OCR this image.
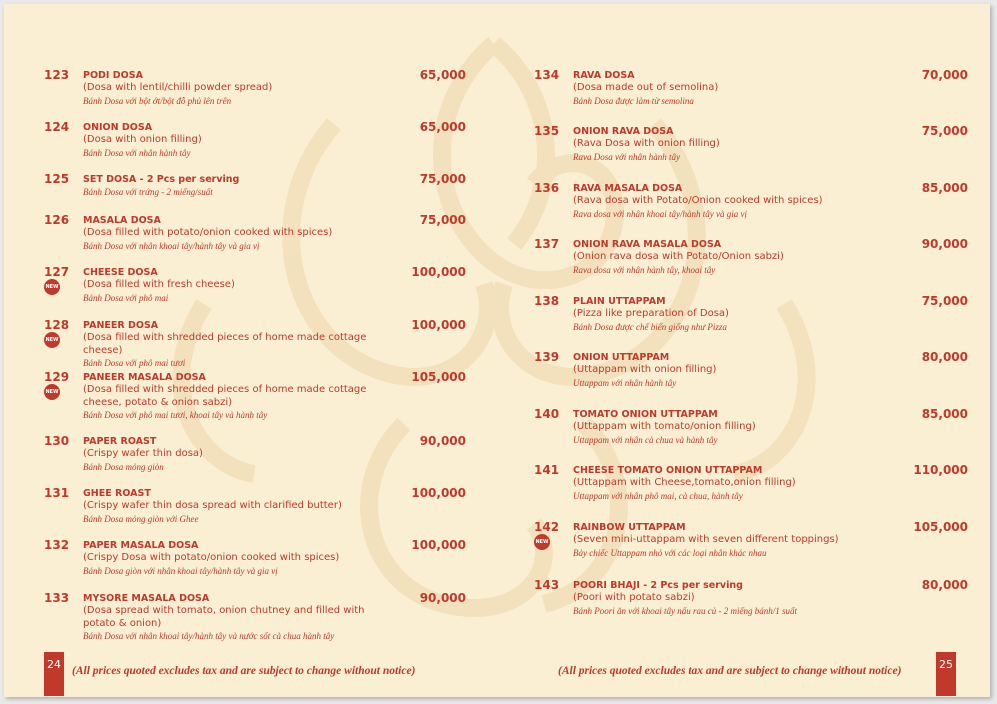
123 PODI DOSA
(Dosa with lentil/chilli powder spread)
Bánh Dosa với bột ớt/bột đỗ phủ lên trên
65,000
124 ONION DOSA
(Dosa with onion filling)
Bánh Dosa với nhân hành tây
65,000
125 SET DOSA - 2 Pcs per serving
Bánh Dosa với trứng - 2 miếng/suất
75,000
126 MASALA DOSA
(Dosa filled with potato/onion cooked with spices)
Bánh Dosa với nhân khoai tây/hành tây và gia vị
75,000
127
NEW
CHEESE DOSA
(Dosa filled with fresh cheese)
Bánh Dosa với phô mai
100,000
128
NEW
PANEER DOSA
(Dosa filled with shredded pieces of home made cottage cheese)
Bánh Dosa với phô mai tươi
100,000
129
NEW
PANEER MASALA DOSA
(Dosa filled with shredded pieces of home made cottage cheese, potato & onion sabzi)
Bánh Dosa với phô mai tươi, khoai tây và hành tây
105,000
130 PAPER ROAST
(Crispy wafer thin dosa)
Bánh Dosa mỏng giòn
90,000
131 GHEE ROAST
(Crispy wafer thin dosa spread with clarified butter)
Bánh Dosa mỏng giòn với Ghee
100,000
132 PAPER MASALA DOSA
(Crispy Dosa with potato/onion cooked with spices)
Bánh Dosa giòn với nhân khoai tây/hành tây và gia vị
100,000
133 MYSORE MASALA DOSA
(Dosa spread with tomato, onion chutney and filled with potato & onion)
Bánh Dosa với nhân khoai tây/hành tây và nước sốt cà chua hành tây
90,000
134 RAVA DOSA
(Dosa made out of semolina)
Bánh Dosa được làm từ semolina
70,000
135 ONION RAVA DOSA
(Rava Dosa with onion filling)
Rava Dosa với nhân hành tây
75,000
136 RAVA MASALA DOSA
(Rava dosa with Potato/Onion cooked with spices)
Rava dosa với nhân khoai tây/hành tây và gia vị
85,000
137 ONION RAVA MASALA DOSA
(Onion rava dosa with Potato/Onion sabzi)
Rava dosa với nhân hành tây, khoai tây
90,000
138 PLAIN UTTAPPAM
(Pizza like preparation of Dosa)
Bánh Dosa được chế biến giống như Pizza
75,000
139 ONION UTTAPPAM
(Uttappam with onion filling)
Uttappam với nhân hành tây
80,000
140 TOMATO ONION UTTAPPAM
(Uttappam with tomato/onion filling)
Uttappam với nhân cà chua và hành tây
85,000
141 CHEESE TOMATO ONION UTTAPPAM
(Uttappam with Cheese,tomato,onion filling)
Uttappam với nhân phô mai, cà chua, hành tây
110,000
142
NEW
RAINBOW UTTAPPAM
(Seven mini-uttappam with seven different toppings)
Bảy chiếc Uttappam nhỏ với các loại nhân khác nhau
105,000
143 POORI BHAJI - 2 Pcs per serving
(Poori with potato sabzi)
Bánh Poori ăn với khoai tây nấu rau củ - 2 miếng bánh/1 suất
80,000
24 (All prices quoted excludes tax and are subject to change without notice)	(All prices quoted excludes tax and are subject to change without notice)	25
